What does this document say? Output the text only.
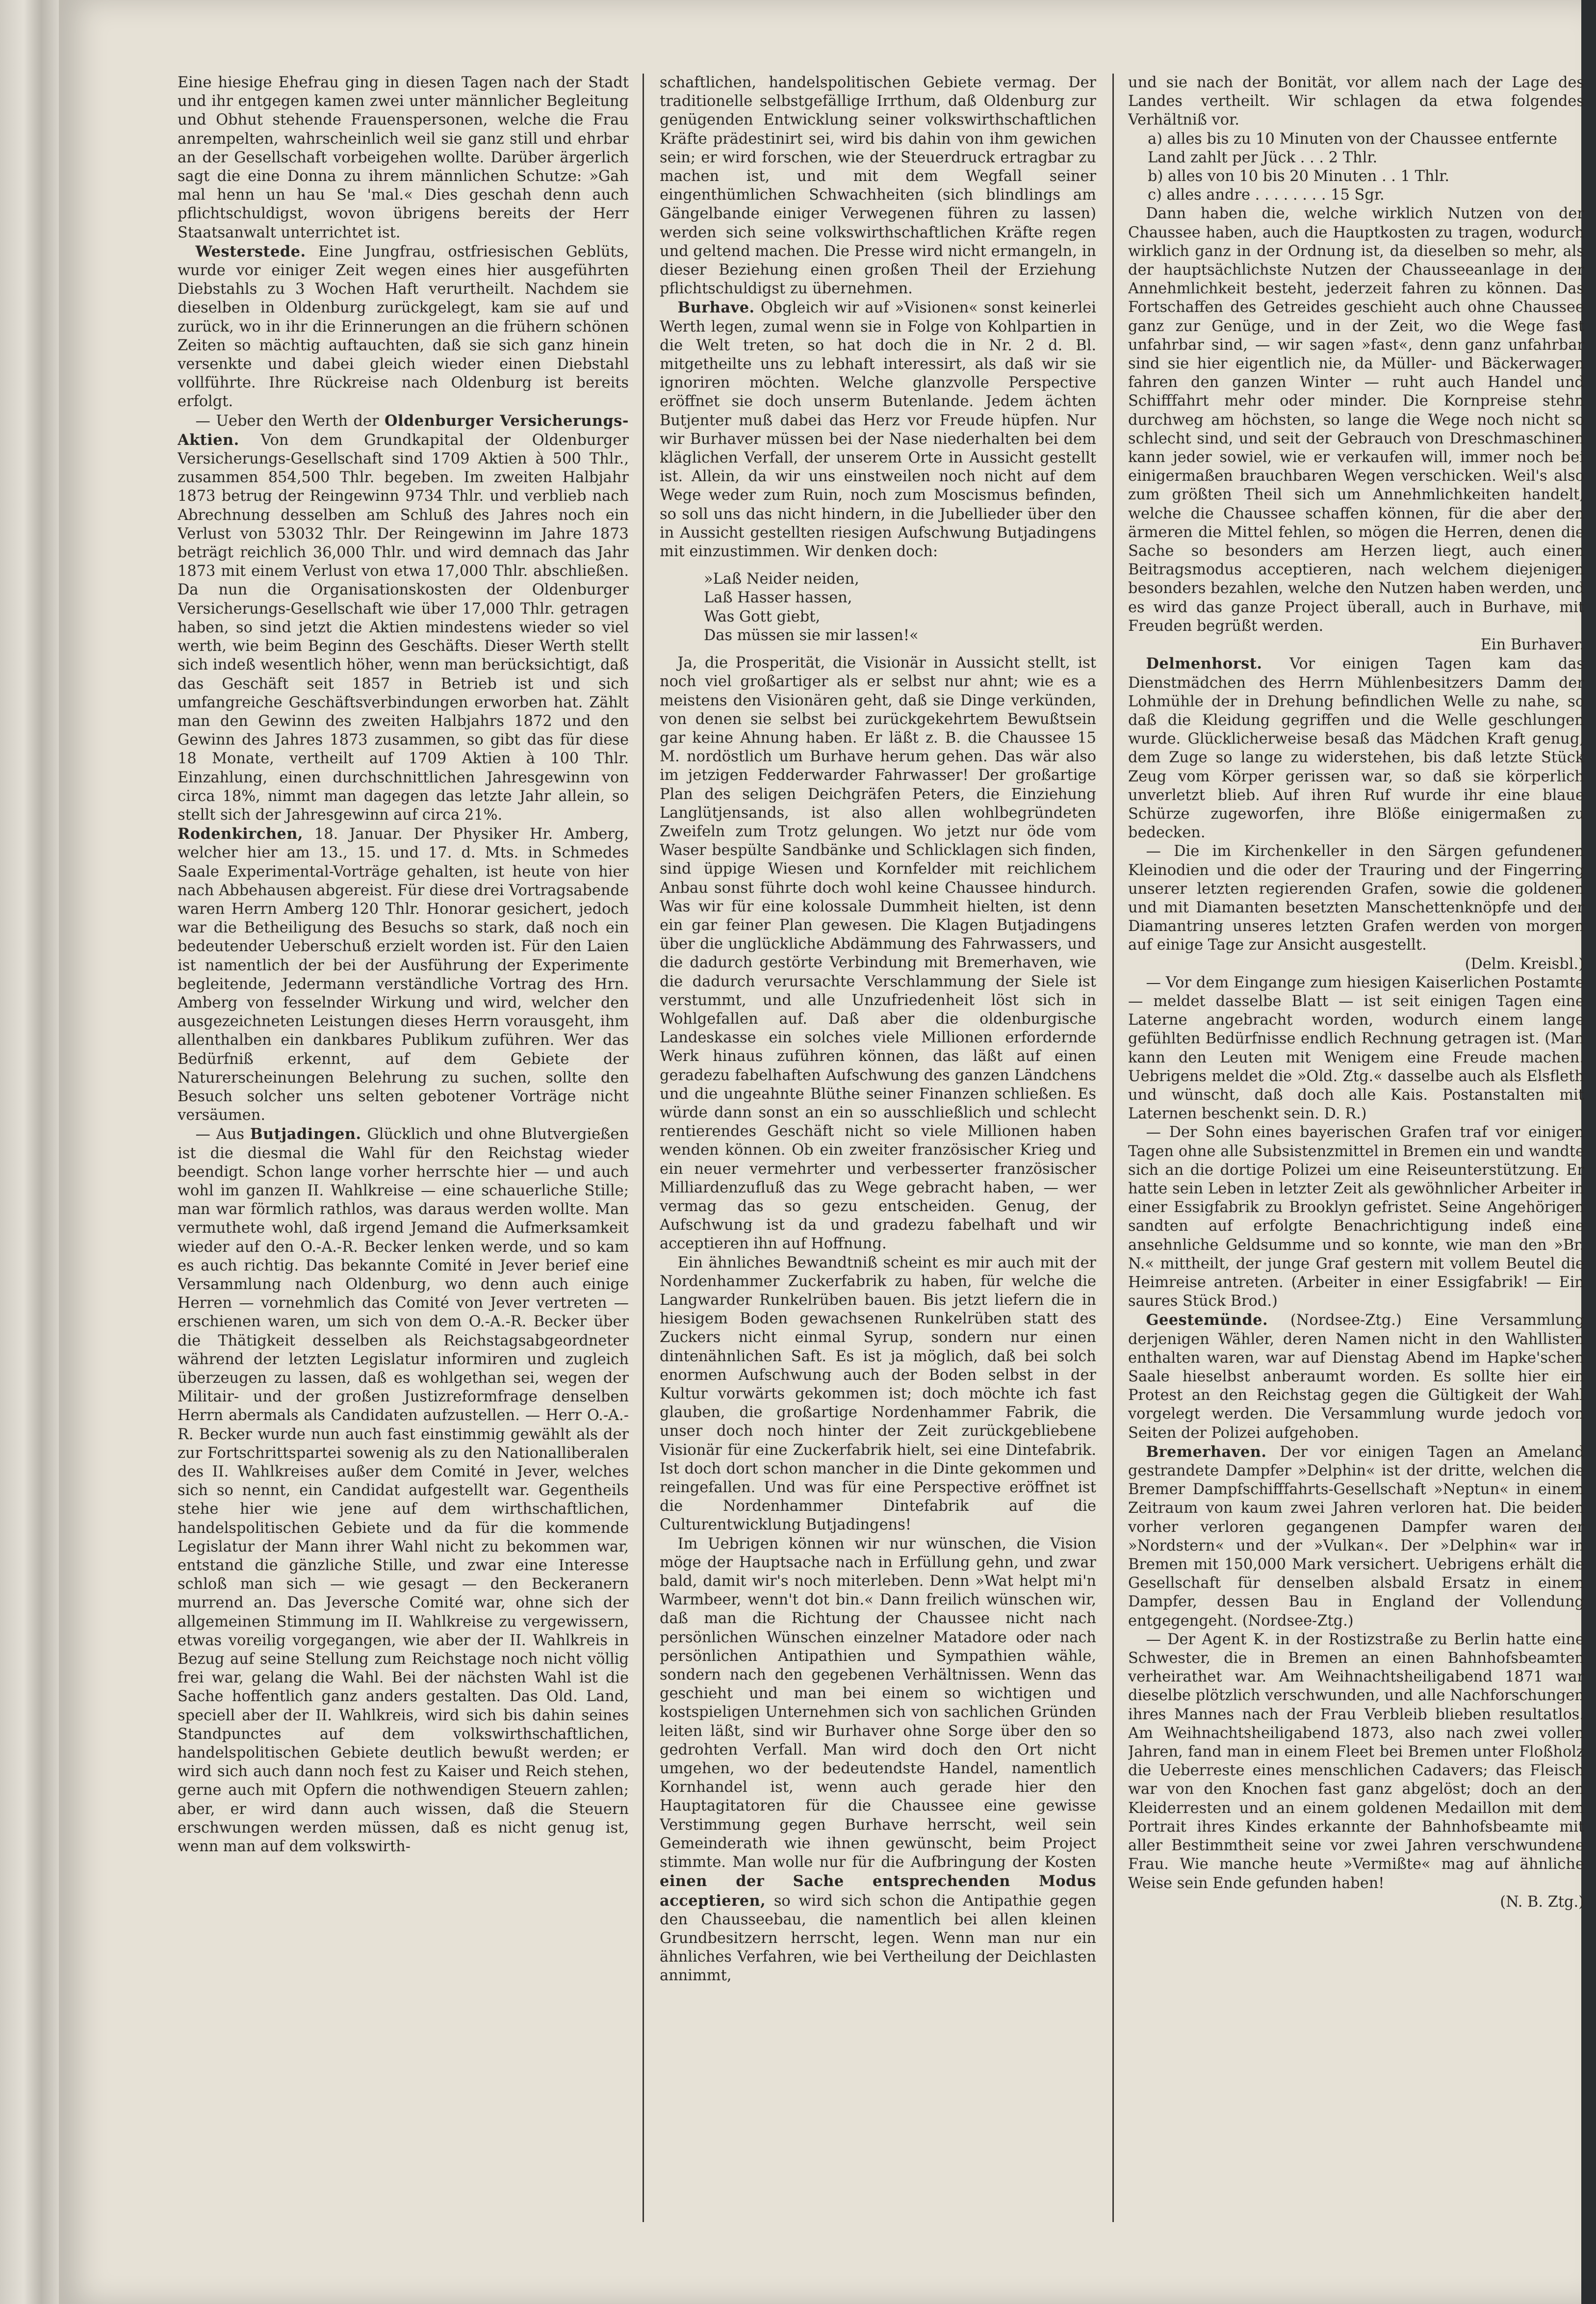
Eine hiesige Ehefrau ging in diesen Tagen nach der Stadt und ihr entgegen kamen zwei unter männlicher Begleitung und Obhut stehende Frauenspersonen, welche die Frau anrempelten, wahrscheinlich weil sie ganz still und ehrbar an der Gesellschaft vorbeigehen wollte. Darüber ärgerlich sagt die eine Donna zu ihrem männlichen Schutze: »Gah mal henn un hau Se 'mal.« Dies geschah denn auch pflichtschuldigst, wovon übrigens bereits der Herr Staatsanwalt unterrichtet ist.

Westerstede. Eine Jungfrau, ostfriesischen Geblüts, wurde vor einiger Zeit wegen eines hier ausgeführten Diebstahls zu 3 Wochen Haft verurtheilt. Nachdem sie dieselben in Oldenburg zurückgelegt, kam sie auf und zurück, wo in ihr die Erinnerungen an die frühern schönen Zeiten so mächtig auftauchten, daß sie sich ganz hinein versenkte und dabei gleich wieder einen Diebstahl vollführte. Ihre Rückreise nach Oldenburg ist bereits erfolgt.

— Ueber den Werth der Oldenburger Versicherungs-Aktien. Von dem Grundkapital der Oldenburger Versicherungs-Gesellschaft sind 1709 Aktien à 500 Thlr., zusammen 854,500 Thlr. begeben. Im zweiten Halbjahr 1873 betrug der Reingewinn 9734 Thlr. und verblieb nach Abrechnung desselben am Schluß des Jahres noch ein Verlust von 53032 Thlr. Der Reingewinn im Jahre 1873 beträgt reichlich 36,000 Thlr. und wird demnach das Jahr 1873 mit einem Verlust von etwa 17,000 Thlr. abschließen. Da nun die Organisationskosten der Oldenburger Versicherungs-Gesellschaft wie über 17,000 Thlr. getragen haben, so sind jetzt die Aktien mindestens wieder so viel werth, wie beim Beginn des Geschäfts. Dieser Werth stellt sich indeß wesentlich höher, wenn man berücksichtigt, daß das Geschäft seit 1857 in Betrieb ist und sich umfangreiche Geschäftsverbindungen erworben hat. Zählt man den Gewinn des zweiten Halbjahrs 1872 und den Gewinn des Jahres 1873 zusammen, so gibt das für diese 18 Monate, vertheilt auf 1709 Aktien à 100 Thlr. Einzahlung, einen durchschnittlichen Jahresgewinn von circa 18%, nimmt man dagegen das letzte Jahr allein, so stellt sich der Jahresgewinn auf circa 21%.

Rodenkirchen, 18. Januar. Der Physiker Hr. Amberg, welcher hier am 13., 15. und 17. d. Mts. in Schmedes Saale Experimental-Vorträge gehalten, ist heute von hier nach Abbehausen abgereist. Für diese drei Vortragsabende waren Herrn Amberg 120 Thlr. Honorar gesichert, jedoch war die Betheiligung des Besuchs so stark, daß noch ein bedeutender Ueberschuß erzielt worden ist. Für den Laien ist namentlich der bei der Ausführung der Experimente begleitende, Jedermann verständliche Vortrag des Hrn. Amberg von fesselnder Wirkung und wird, welcher den ausgezeichneten Leistungen dieses Herrn vorausgeht, ihm allenthalben ein dankbares Publikum zuführen. Wer das Bedürfniß erkennt, auf dem Gebiete der Naturerscheinungen Belehrung zu suchen, sollte den Besuch solcher uns selten gebotener Vorträge nicht versäumen.

— Aus Butjadingen. Glücklich und ohne Blutvergießen ist die diesmal die Wahl für den Reichstag wieder beendigt. Schon lange vorher herrschte hier — und auch wohl im ganzen II. Wahlkreise — eine schauerliche Stille; man war förmlich rathlos, was daraus werden wollte. Man vermuthete wohl, daß irgend Jemand die Aufmerksamkeit wieder auf den O.-A.-R. Becker lenken werde, und so kam es auch richtig. Das bekannte Comité in Jever berief eine Versammlung nach Oldenburg, wo denn auch einige Herren — vornehmlich das Comité von Jever vertreten — erschienen waren, um sich von dem O.-A.-R. Becker über die Thätigkeit desselben als Reichstagsabgeordneter während der letzten Legislatur informiren und zugleich überzeugen zu lassen, daß es wohlgethan sei, wegen der Militair- und der großen Justizreformfrage denselben Herrn abermals als Candidaten aufzustellen. — Herr O.-A.-R. Becker wurde nun auch fast einstimmig gewählt als der zur Fortschrittspartei sowenig als zu den Nationalliberalen des II. Wahlkreises außer dem Comité in Jever, welches sich so nennt, ein Candidat aufgestellt war. Gegentheils stehe hier wie jene auf dem wirthschaftlichen, handelspolitischen Gebiete und da für die kommende Legislatur der Mann ihrer Wahl nicht zu bekommen war, entstand die gänzliche Stille, und zwar eine Interesse schloß man sich — wie gesagt — den Beckeranern murrend an. Das Jeversche Comité war, ohne sich der allgemeinen Stimmung im II. Wahlkreise zu vergewissern, etwas voreilig vorgegangen, wie aber der II. Wahlkreis in Bezug auf seine Stellung zum Reichstage noch nicht völlig frei war, gelang die Wahl. Bei der nächsten Wahl ist die Sache hoffentlich ganz anders gestalten. Das Old. Land, speciell aber der II. Wahlkreis, wird sich bis dahin seines Standpunctes auf dem volkswirthschaftlichen, handelspolitischen Gebiete deutlich bewußt werden; er wird sich auch dann noch fest zu Kaiser und Reich stehen, gerne auch mit Opfern die nothwendigen Steuern zahlen; aber, er wird dann auch wissen, daß die Steuern erschwungen werden müssen, daß es nicht genug ist, wenn man auf dem volkswirth-

schaftlichen, handelspolitischen Gebiete vermag. Der traditionelle selbstgefällige Irrthum, daß Oldenburg zur genügenden Entwicklung seiner volkswirthschaftlichen Kräfte prädestinirt sei, wird bis dahin von ihm gewichen sein; er wird forschen, wie der Steuerdruck ertragbar zu machen ist, und mit dem Wegfall seiner eingenthümlichen Schwachheiten (sich blindlings am Gängelbande einiger Verwegenen führen zu lassen) werden sich seine volkswirthschaftlichen Kräfte regen und geltend machen. Die Presse wird nicht ermangeln, in dieser Beziehung einen großen Theil der Erziehung pflichtschuldigst zu übernehmen.

Burhave. Obgleich wir auf »Visionen« sonst keinerlei Werth legen, zumal wenn sie in Folge von Kohlpartien in die Welt treten, so hat doch die in Nr. 2 d. Bl. mitgetheilte uns zu lebhaft interessirt, als daß wir sie ignoriren möchten. Welche glanzvolle Perspective eröffnet sie doch unserm Butenlande. Jedem ächten Butjenter muß dabei das Herz vor Freude hüpfen. Nur wir Burhaver müssen bei der Nase niederhalten bei dem kläglichen Verfall, der unserem Orte in Aussicht gestellt ist. Allein, da wir uns einstweilen noch nicht auf dem Wege weder zum Ruin, noch zum Moscismus befinden, so soll uns das nicht hindern, in die Jubellieder über den in Aussicht gestellten riesigen Aufschwung Butjadingens mit einzustimmen. Wir denken doch:

»Laß Neider neiden,
Laß Hasser hassen,
Was Gott giebt,
Das müssen sie mir lassen!«

Ja, die Prosperität, die Visionär in Aussicht stellt, ist noch viel großartiger als er selbst nur ahnt; wie es a meistens den Visionären geht, daß sie Dinge verkünden, von denen sie selbst bei zurückgekehrtem Bewußtsein gar keine Ahnung haben. Er läßt z. B. die Chaussee 15 M. nordöstlich um Burhave herum gehen. Das wär also im jetzigen Fedderwarder Fahrwasser! Der großartige Plan des seligen Deichgräfen Peters, die Einziehung Langlütjensands, ist also allen wohlbegründeten Zweifeln zum Trotz gelungen. Wo jetzt nur öde vom Waser bespülte Sandbänke und Schlicklagen sich finden, sind üppige Wiesen und Kornfelder mit reichlichem Anbau sonst führte doch wohl keine Chaussee hindurch. Was wir für eine kolossale Dummheit hielten, ist denn ein gar feiner Plan gewesen. Die Klagen Butjadingens über die unglückliche Abdämmung des Fahrwassers, und die dadurch gestörte Verbindung mit Bremerhaven, wie die dadurch verursachte Verschlammung der Siele ist verstummt, und alle Unzufriedenheit löst sich in Wohlgefallen auf. Daß aber die oldenburgische Landeskasse ein solches viele Millionen erfordernde Werk hinaus zuführen können, das läßt auf einen geradezu fabelhaften Aufschwung des ganzen Ländchens und die ungeahnte Blüthe seiner Finanzen schließen. Es würde dann sonst an ein so ausschließlich und schlecht rentierendes Geschäft nicht so viele Millionen haben wenden können. Ob ein zweiter französischer Krieg und ein neuer vermehrter und verbesserter französischer Milliardenzufluß das zu Wege gebracht haben, — wer vermag das so gezu entscheiden. Genug, der Aufschwung ist da und gradezu fabelhaft und wir acceptieren ihn auf Hoffnung.

Ein ähnliches Bewandtniß scheint es mir auch mit der Nordenhammer Zuckerfabrik zu haben, für welche die Langwarder Runkelrüben bauen. Bis jetzt liefern die in hiesigem Boden gewachsenen Runkelrüben statt des Zuckers nicht einmal Syrup, sondern nur einen dintenähnlichen Saft. Es ist ja möglich, daß bei solch enormen Aufschwung auch der Boden selbst in der Kultur vorwärts gekommen ist; doch möchte ich fast glauben, die großartige Nordenhammer Fabrik, die unser doch noch hinter der Zeit zurückgebliebene Visionär für eine Zuckerfabrik hielt, sei eine Dintefabrik. Ist doch dort schon mancher in die Dinte gekommen und reingefallen. Und was für eine Perspective eröffnet ist die Nordenhammer Dintefabrik auf die Culturentwicklung Butjadingens!

Im Uebrigen können wir nur wünschen, die Vision möge der Hauptsache nach in Erfüllung gehn, und zwar bald, damit wir's noch miterleben. Denn »Wat helpt mi'n Warmbeer, wenn't dot bin.« Dann freilich wünschen wir, daß man die Richtung der Chaussee nicht nach persönlichen Wünschen einzelner Matadore oder nach persönlichen Antipathien und Sympathien wähle, sondern nach den gegebenen Verhältnissen. Wenn das geschieht und man bei einem so wichtigen und kostspieligen Unternehmen sich von sachlichen Gründen leiten läßt, sind wir Burhaver ohne Sorge über den so gedrohten Verfall. Man wird doch den Ort nicht umgehen, wo der bedeutendste Handel, namentlich Kornhandel ist, wenn auch gerade hier den Hauptagitatoren für die Chaussee eine gewisse Verstimmung gegen Burhave herrscht, weil sein Gemeinderath wie ihnen gewünscht, beim Project stimmte. Man wolle nur für die Aufbringung der Kosten einen der Sache entsprechenden Modus acceptieren, so wird sich schon die Antipathie gegen den Chausseebau, die namentlich bei allen kleinen Grundbesitzern herrscht, legen. Wenn man nur ein ähnliches Verfahren, wie bei Vertheilung der Deichlasten annimmt,

und sie nach der Bonität, vor allem nach der Lage des Landes vertheilt. Wir schlagen da etwa folgendes Verhältniß vor.

a) alles bis zu 10 Minuten von der Chaussee entfernte Land zahlt per Jück . . . 2 Thlr.
b) alles von 10 bis 20 Minuten . . 1 Thlr.
c) alles andre . . . . . . . . 15 Sgr.

Dann haben die, welche wirklich Nutzen von der Chaussee haben, auch die Hauptkosten zu tragen, wodurch wirklich ganz in der Ordnung ist, da dieselben so mehr, als der hauptsächlichste Nutzen der Chausseeanlage in der Annehmlichkeit besteht, jederzeit fahren zu können. Das Fortschaffen des Getreides geschieht auch ohne Chaussee ganz zur Genüge, und in der Zeit, wo die Wege fast unfahrbar sind, — wir sagen »fast«, denn ganz unfahrbar sind sie hier eigentlich nie, da Müller- und Bäckerwagen fahren den ganzen Winter — ruht auch Handel und Schifffahrt mehr oder minder. Die Kornpreise stehn durchweg am höchsten, so lange die Wege noch nicht so schlecht sind, und seit der Gebrauch von Dreschmaschinen kann jeder sowiel, wie er verkaufen will, immer noch bei einigermaßen brauchbaren Wegen verschicken. Weil's also zum größten Theil sich um Annehmlichkeiten handelt, welche die Chaussee schaffen können, für die aber den ärmeren die Mittel fehlen, so mögen die Herren, denen die Sache so besonders am Herzen liegt, auch einen Beitragsmodus acceptieren, nach welchem diejenigen besonders bezahlen, welche den Nutzen haben werden, und es wird das ganze Project überall, auch in Burhave, mit Freuden begrüßt werden.

Ein Burhaver.

Delmenhorst. Vor einigen Tagen kam das Dienstmädchen des Herrn Mühlenbesitzers Damm der Lohmühle der in Drehung befindlichen Welle zu nahe, so daß die Kleidung gegriffen und die Welle geschlungen wurde. Glücklicherweise besaß das Mädchen Kraft genug, dem Zuge so lange zu widerstehen, bis daß letzte Stück Zeug vom Körper gerissen war, so daß sie körperlich unverletzt blieb. Auf ihren Ruf wurde ihr eine blaue Schürze zugeworfen, ihre Blöße einigermaßen zu bedecken.

— Die im Kirchenkeller in den Särgen gefundenen Kleinodien und die oder der Trauring und der Fingerring unserer letzten regierenden Grafen, sowie die goldenen und mit Diamanten besetzten Manschettenknöpfe und der Diamantring unseres letzten Grafen werden von morgen auf einige Tage zur Ansicht ausgestellt.

(Delm. Kreisbl.)

— Vor dem Eingange zum hiesigen Kaiserlichen Postamte — meldet dasselbe Blatt — ist seit einigen Tagen eine Laterne angebracht worden, wodurch einem lange gefühlten Bedürfnisse endlich Rechnung getragen ist. (Man kann den Leuten mit Wenigem eine Freude machen. Uebrigens meldet die »Old. Ztg.« dasselbe auch als Elsfleth und wünscht, daß doch alle Kais. Postanstalten mit Laternen beschenkt sein. D. R.)

— Der Sohn eines bayerischen Grafen traf vor einigen Tagen ohne alle Subsistenzmittel in Bremen ein und wandte sich an die dortige Polizei um eine Reiseunterstützung. Er hatte sein Leben in letzter Zeit als gewöhnlicher Arbeiter in einer Essigfabrik zu Brooklyn gefristet. Seine Angehörigen sandten auf erfolgte Benachrichtigung indeß eine ansehnliche Geldsumme und so konnte, wie man den »Br. N.« mittheilt, der junge Graf gestern mit vollem Beutel die Heimreise antreten. (Arbeiter in einer Essigfabrik! — Ein saures Stück Brod.)

Geestemünde. (Nordsee-Ztg.) Eine Versammlung derjenigen Wähler, deren Namen nicht in den Wahllisten enthalten waren, war auf Dienstag Abend im Hapke'schen Saale hieselbst anberaumt worden. Es sollte hier ein Protest an den Reichstag gegen die Gültigkeit der Wahl vorgelegt werden. Die Versammlung wurde jedoch von Seiten der Polizei aufgehoben.

Bremerhaven. Der vor einigen Tagen an Ameland gestrandete Dampfer »Delphin« ist der dritte, welchen die Bremer Dampfschifffahrts-Gesellschaft »Neptun« in einem Zeitraum von kaum zwei Jahren verloren hat. Die beiden vorher verloren gegangenen Dampfer waren der »Nordstern« und der »Vulkan«. Der »Delphin« war in Bremen mit 150,000 Mark versichert. Uebrigens erhält die Gesellschaft für denselben alsbald Ersatz in einem Dampfer, dessen Bau in England der Vollendung entgegengeht. (Nordsee-Ztg.)

— Der Agent K. in der Rostizstraße zu Berlin hatte eine Schwester, die in Bremen an einen Bahnhofsbeamten verheirathet war. Am Weihnachtsheiligabend 1871 war dieselbe plötzlich verschwunden, und alle Nachforschungen ihres Mannes nach der Frau Verbleib blieben resultatlos. Am Weihnachtsheiligabend 1873, also nach zwei vollen Jahren, fand man in einem Fleet bei Bremen unter Floßholz die Ueberreste eines menschlichen Cadavers; das Fleisch war von den Knochen fast ganz abgelöst; doch an den Kleiderresten und an einem goldenen Medaillon mit dem Portrait ihres Kindes erkannte der Bahnhofsbeamte mit aller Bestimmtheit seine vor zwei Jahren verschwundene Frau. Wie manche heute »Vermißte« mag auf ähnliche Weise sein Ende gefunden haben!

(N. B. Ztg.)
